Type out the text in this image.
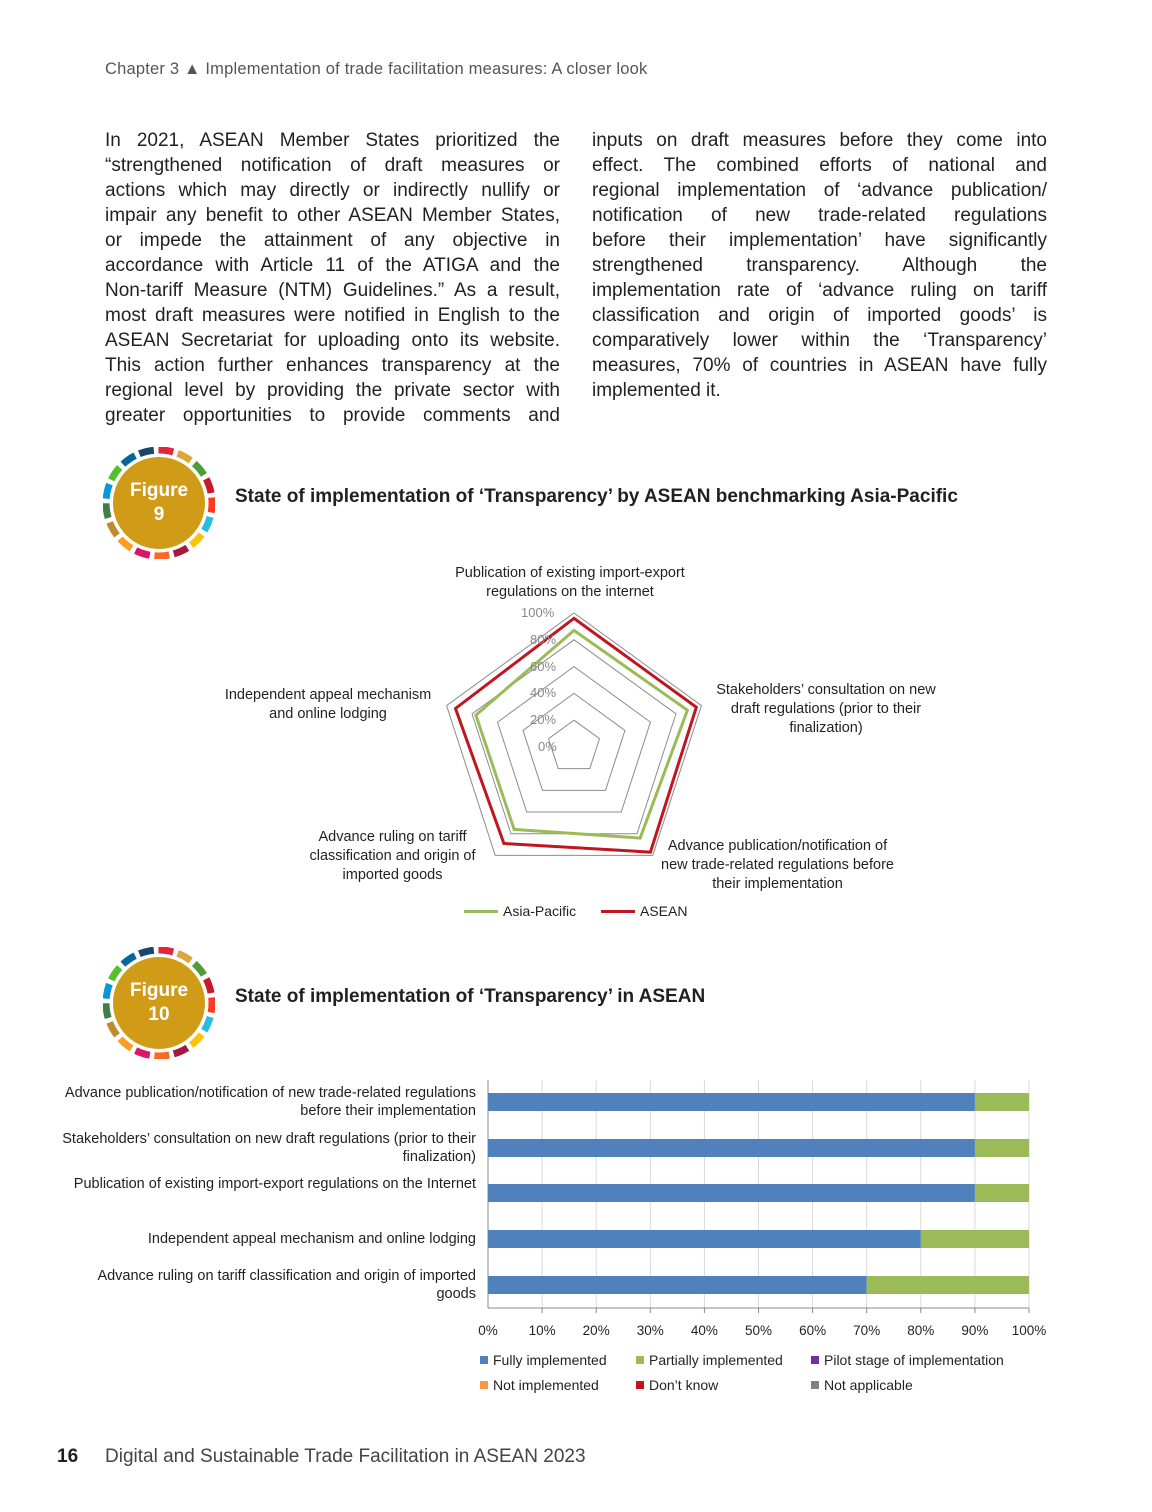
Chapter 3 ▲ Implementation of trade facilitation measures: A closer look
In 2021, ASEAN Member States prioritized the
“strengthened notification of draft measures or
actions which may directly or indirectly nullify or
impair any benefit to other ASEAN Member States,
or impede the attainment of any objective in
accordance with Article 11 of the ATIGA and the
Non-tariff Measure (NTM) Guidelines.” As a result,
most draft measures were notified in English to the
ASEAN Secretariat for uploading onto its website.
This action further enhances transparency at the
regional level by providing the private sector with
greater opportunities to provide comments and
inputs on draft measures before they come into
effect. The combined efforts of national and
regional implementation of ‘advance publication/
notification of new trade-related regulations
before their implementation’ have significantly
strengthened transparency. Although the
implementation rate of ‘advance ruling on tariff
classification and origin of imported goods’ is
comparatively lower within the ‘Transparency’
measures, 70% of countries in ASEAN have fully
implemented it.
Figure
9
State of implementation of ‘Transparency’ by ASEAN benchmarking Asia-Pacific
Publication of existing import-export regulations on the internet
Stakeholders’ consultation on new draft regulations (prior to their finalization)
Advance publication/notification of new trade-related regulations before their implementation
Advance ruling on tariff classification and origin of imported goods
Independent appeal mechanism and online lodging
0%
20%
40%
60%
80%
100%
Asia-Pacific	ASEAN
Figure
10
State of implementation of ‘Transparency’ in ASEAN
Advance publication/notification of new trade-related regulations before their implementation
Stakeholders’ consultation on new draft regulations (prior to their finalization)
Publication of existing import-export regulations on the Internet
Independent appeal mechanism and online lodging
Advance ruling on tariff classification and origin of imported goods
0%	10%	20%	30%	40%	50%	60%	70%	80%	90%	100%
Fully implemented	Partially implemented	Pilot stage of implementation
Not implemented	Don’t know	Not applicable
16 Digital and Sustainable Trade Facilitation in ASEAN 2023
